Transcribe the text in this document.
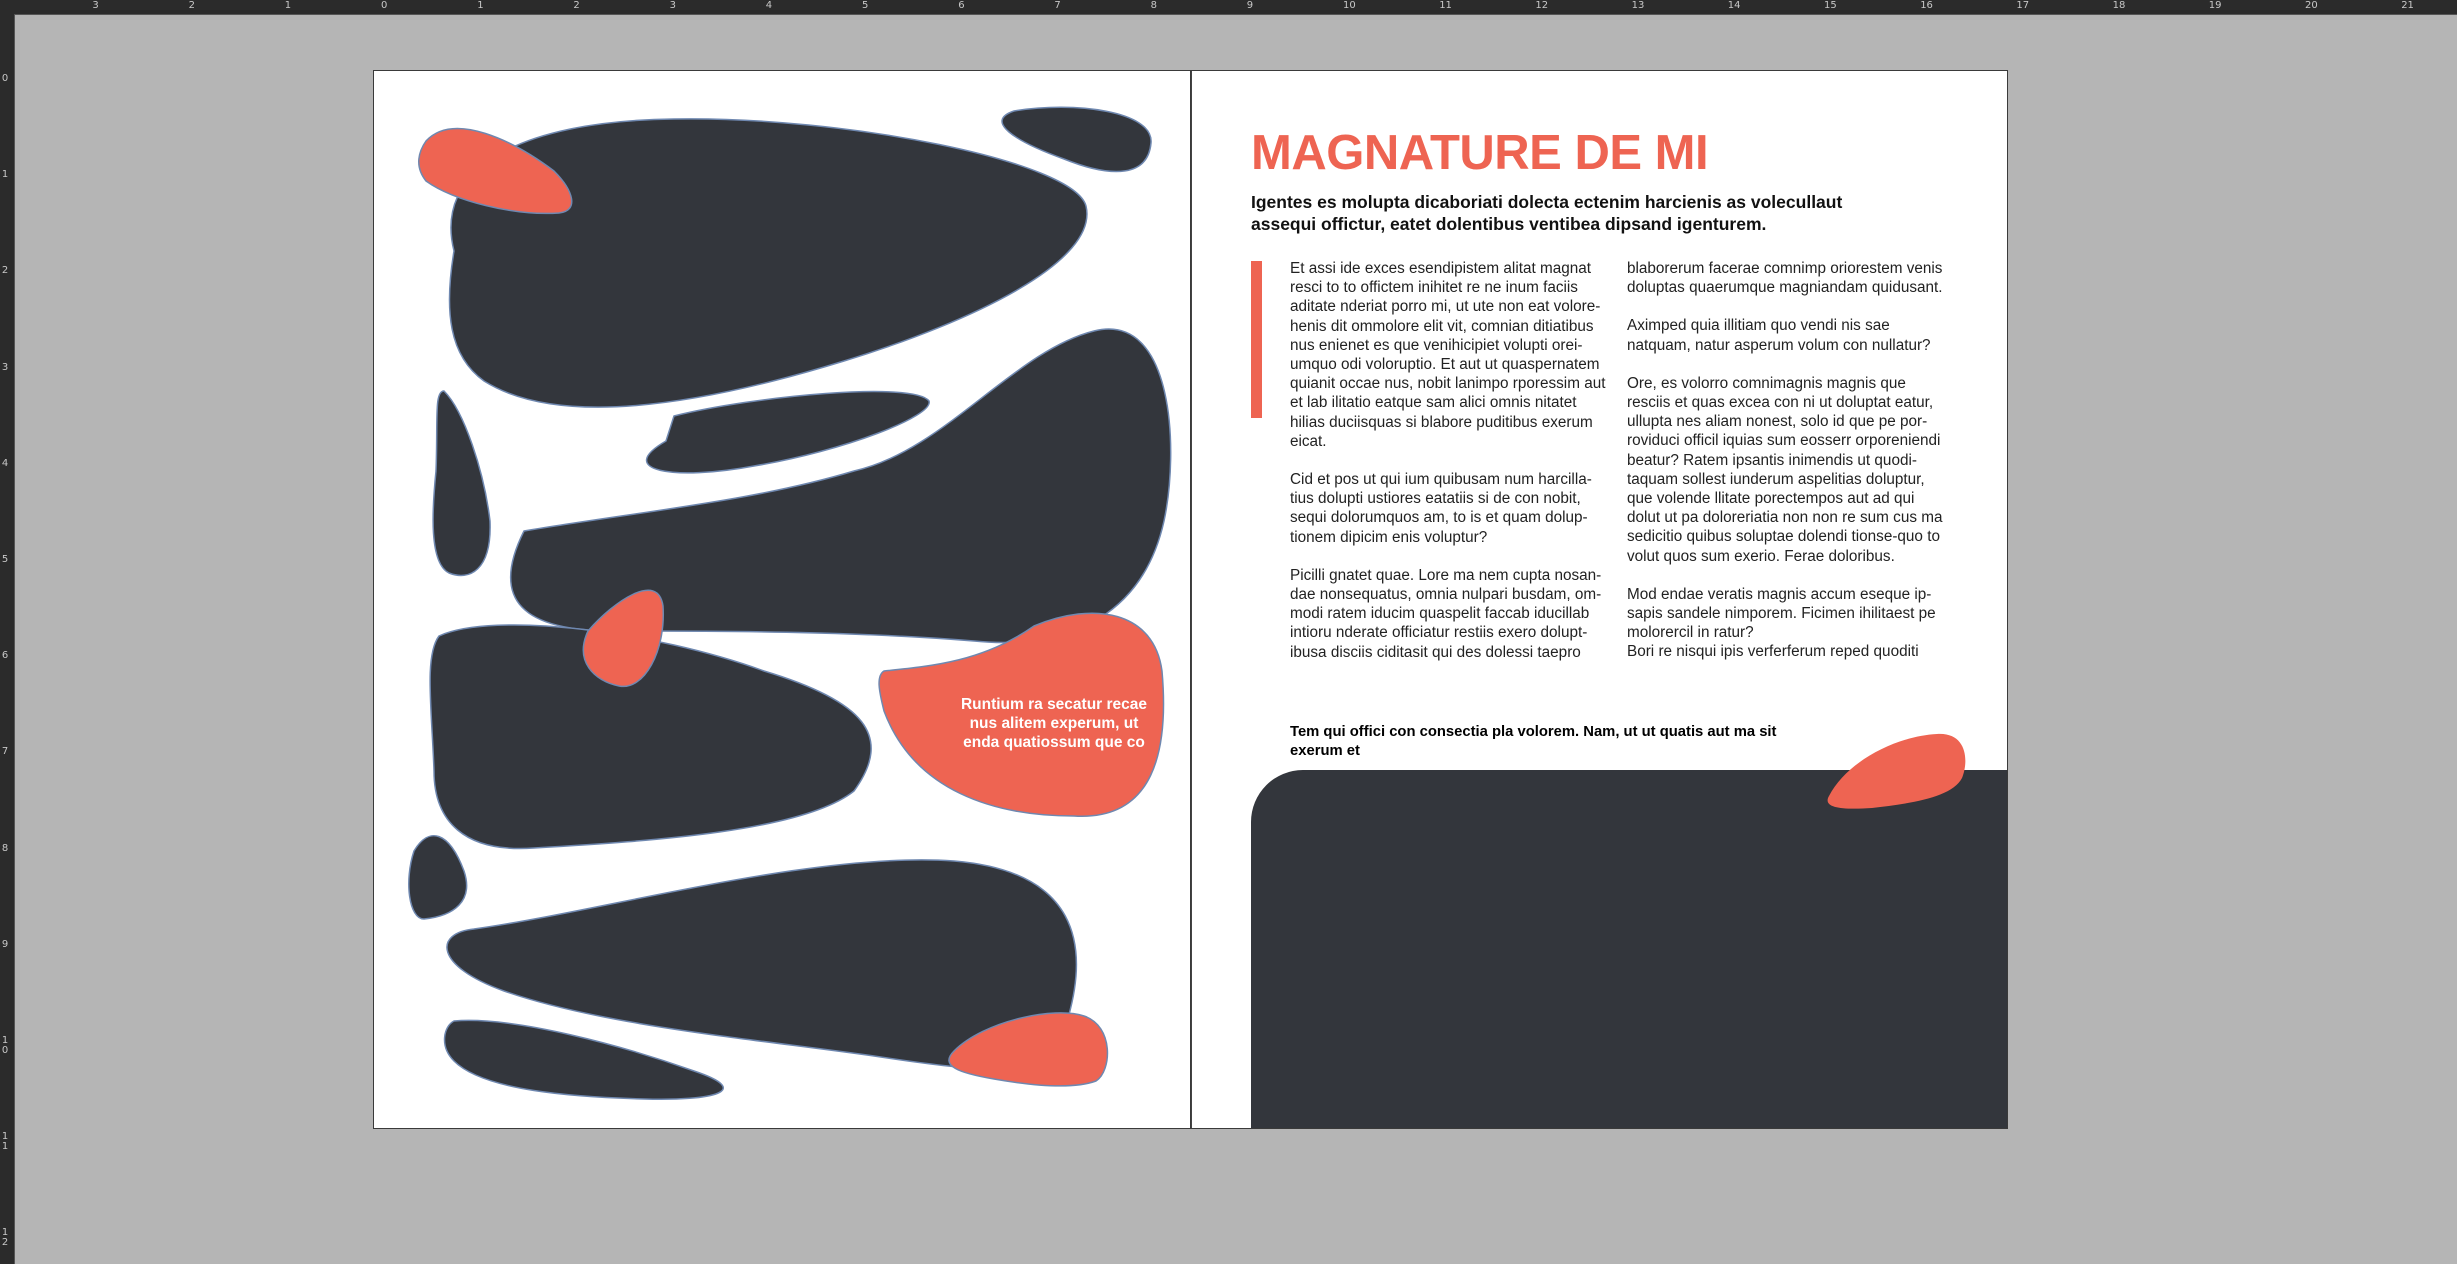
3	2	1	0	1	2	3	4	5	6	7	8	9	10	11	12	13	14	15	16	17	18	19	20	21
0
1
2
3
4
5
6
7
8
9
10
11
12
Runtium ra secatur recae nus alitem experum, ut enda quatiossum que co
MAGNATURE DE MI

Igentes es molupta dicaboriati dolecta ectenim harcienis as volecullaut assequi offictur, eatet dolentibus ventibea dipsand igenturem.

Et assi ide exces esendipistem alitat magnat resci to to offictem inihitet re ne inum faciis aditate nderiat porro mi, ut ute non eat volore-henis dit ommolore elit vit, comnian ditiatibus nus enienet es que venihicipiet volupti orei-umquo odi voloruptio. Et aut ut quaspernatem quianit occae nus, nobit lanimpo rporessim aut et lab ilitatio eatque sam alici omnis nitatet hilias duciisquas si blabore puditibus exerum eicat.

Cid et pos ut qui ium quibusam num harcilla-tius dolupti ustiores eatatiis si de con nobit, sequi dolorumquos am, to is et quam dolup-tionem dipicim enis voluptur?

Picilli gnatet quae. Lore ma nem cupta nosan-dae nonsequatus, omnia nulpari busdam, om-modi ratem iducim quaspelit faccab iducillab intioru nderate officiatur restiis exero dolupt-ibusa disciis ciditasit qui des dolessi taepro

blaborerum facerae comnimp oriorestem venis doluptas quaerumque magniandam quidusant.

Aximped quia illitiam quo vendi nis sae natquam, natur asperum volum con nullatur?

Ore, es volorro comnimagnis magnis que resciis et quas excea con ni ut doluptat eatur, ullupta nes aliam nonest, solo id que pe por-roviduci officil iquias sum eosserr orporeniendi beatur? Ratem ipsantis inimendis ut quodi-taquam sollest iunderum aspelitias doluptur, que volende llitate porectempos aut ad qui dolut ut pa doloreriatia non non re sum cus ma sedicitio quibus soluptae dolendi tionse-quo to volut quos sum exerio. Ferae doloribus.

Mod endae veratis magnis accum eseque ip-sapis sandele nimporem. Ficimen ihilitaest pe molorercil in ratur?
Bori re nisqui ipis verferferum reped quoditi

Tem qui offici con consectia pla volorem. Nam, ut ut quatis aut ma sit exerum et
